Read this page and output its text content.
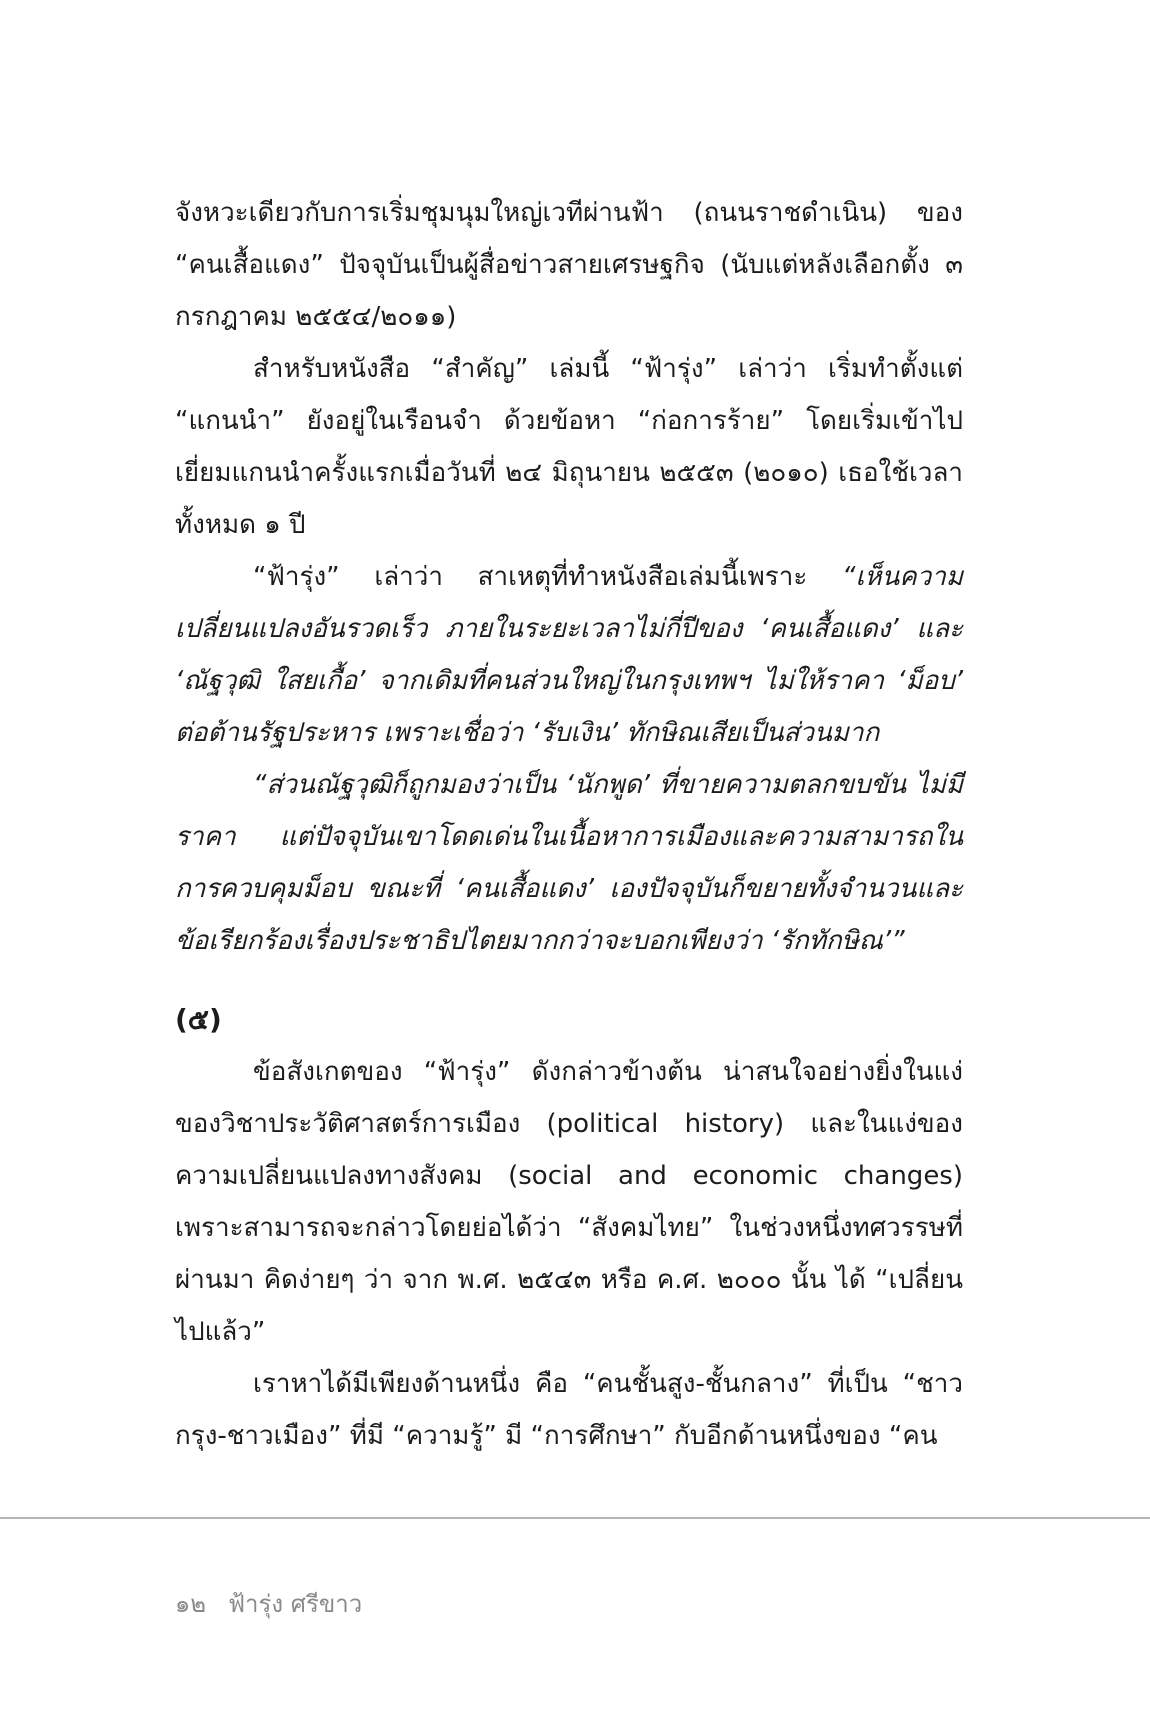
จังหวะเดียวกับการเริ่มชุมนุมใหญ่เวทีผ่านฟ้า (ถนนราชดำเนิน) ของ “คนเสื้อแดง” ปัจจุบันเป็นผู้สื่อข่าวสายเศรษฐกิจ (นับแต่หลังเลือกตั้ง ๓ กรกฎาคม ๒๕๕๔/๒๐๑๑)

สำหรับหนังสือ “สำคัญ” เล่มนี้ “ฟ้ารุ่ง” เล่าว่า เริ่มทำตั้งแต่ “แกนนำ” ยังอยู่ในเรือนจำ ด้วยข้อหา “ก่อการร้าย” โดยเริ่มเข้าไปเยี่ยมแกนนำครั้งแรกเมื่อวันที่ ๒๔ มิถุนายน ๒๕๕๓ (๒๐๑๐) เธอใช้เวลาทั้งหมด ๑ ปี

“ฟ้ารุ่ง” เล่าว่า สาเหตุที่ทำหนังสือเล่มนี้เพราะ “เห็นความเปลี่ยนแปลงอันรวดเร็ว ภายในระยะเวลาไม่กี่ปีของ ‘คนเสื้อแดง’ และ ‘ณัฐวุฒิ ใสยเกื้อ’ จากเดิมที่คนส่วนใหญ่ในกรุงเทพฯ ไม่ให้ราคา ‘ม็อบ’ ต่อต้านรัฐประหาร เพราะเชื่อว่า ‘รับเงิน’ ทักษิณเสียเป็นส่วนมาก

“ส่วนณัฐวุฒิก็ถูกมองว่าเป็น ‘นักพูด’ ที่ขายความตลกขบขัน ไม่มีราคา แต่ปัจจุบันเขาโดดเด่นในเนื้อหาการเมืองและความสามารถในการควบคุมม็อบ ขณะที่ ‘คนเสื้อแดง’ เองปัจจุบันก็ขยายทั้งจำนวนและข้อเรียกร้องเรื่องประชาธิปไตยมากกว่าจะบอกเพียงว่า ‘รักทักษิณ’”

(๕)

ข้อสังเกตของ “ฟ้ารุ่ง” ดังกล่าวข้างต้น น่าสนใจอย่างยิ่งในแง่ของวิชาประวัติศาสตร์การเมือง (political history) และในแง่ของความเปลี่ยนแปลงทางสังคม (social and economic changes) เพราะสามารถจะกล่าวโดยย่อได้ว่า “สังคมไทย” ในช่วงหนึ่งทศวรรษที่ผ่านมา คิดง่ายๆ ว่า จาก พ.ศ. ๒๕๔๓ หรือ ค.ศ. ๒๐๐๐ นั้น ได้ “เปลี่ยนไปแล้ว”

เราหาได้มีเพียงด้านหนึ่ง คือ “คนชั้นสูง-ชั้นกลาง” ที่เป็น “ชาวกรุง-ชาวเมือง” ที่มี “ความรู้” มี “การศึกษา” กับอีกด้านหนึ่งของ “คน

๑๒ ฟ้ารุ่ง ศรีขาว
